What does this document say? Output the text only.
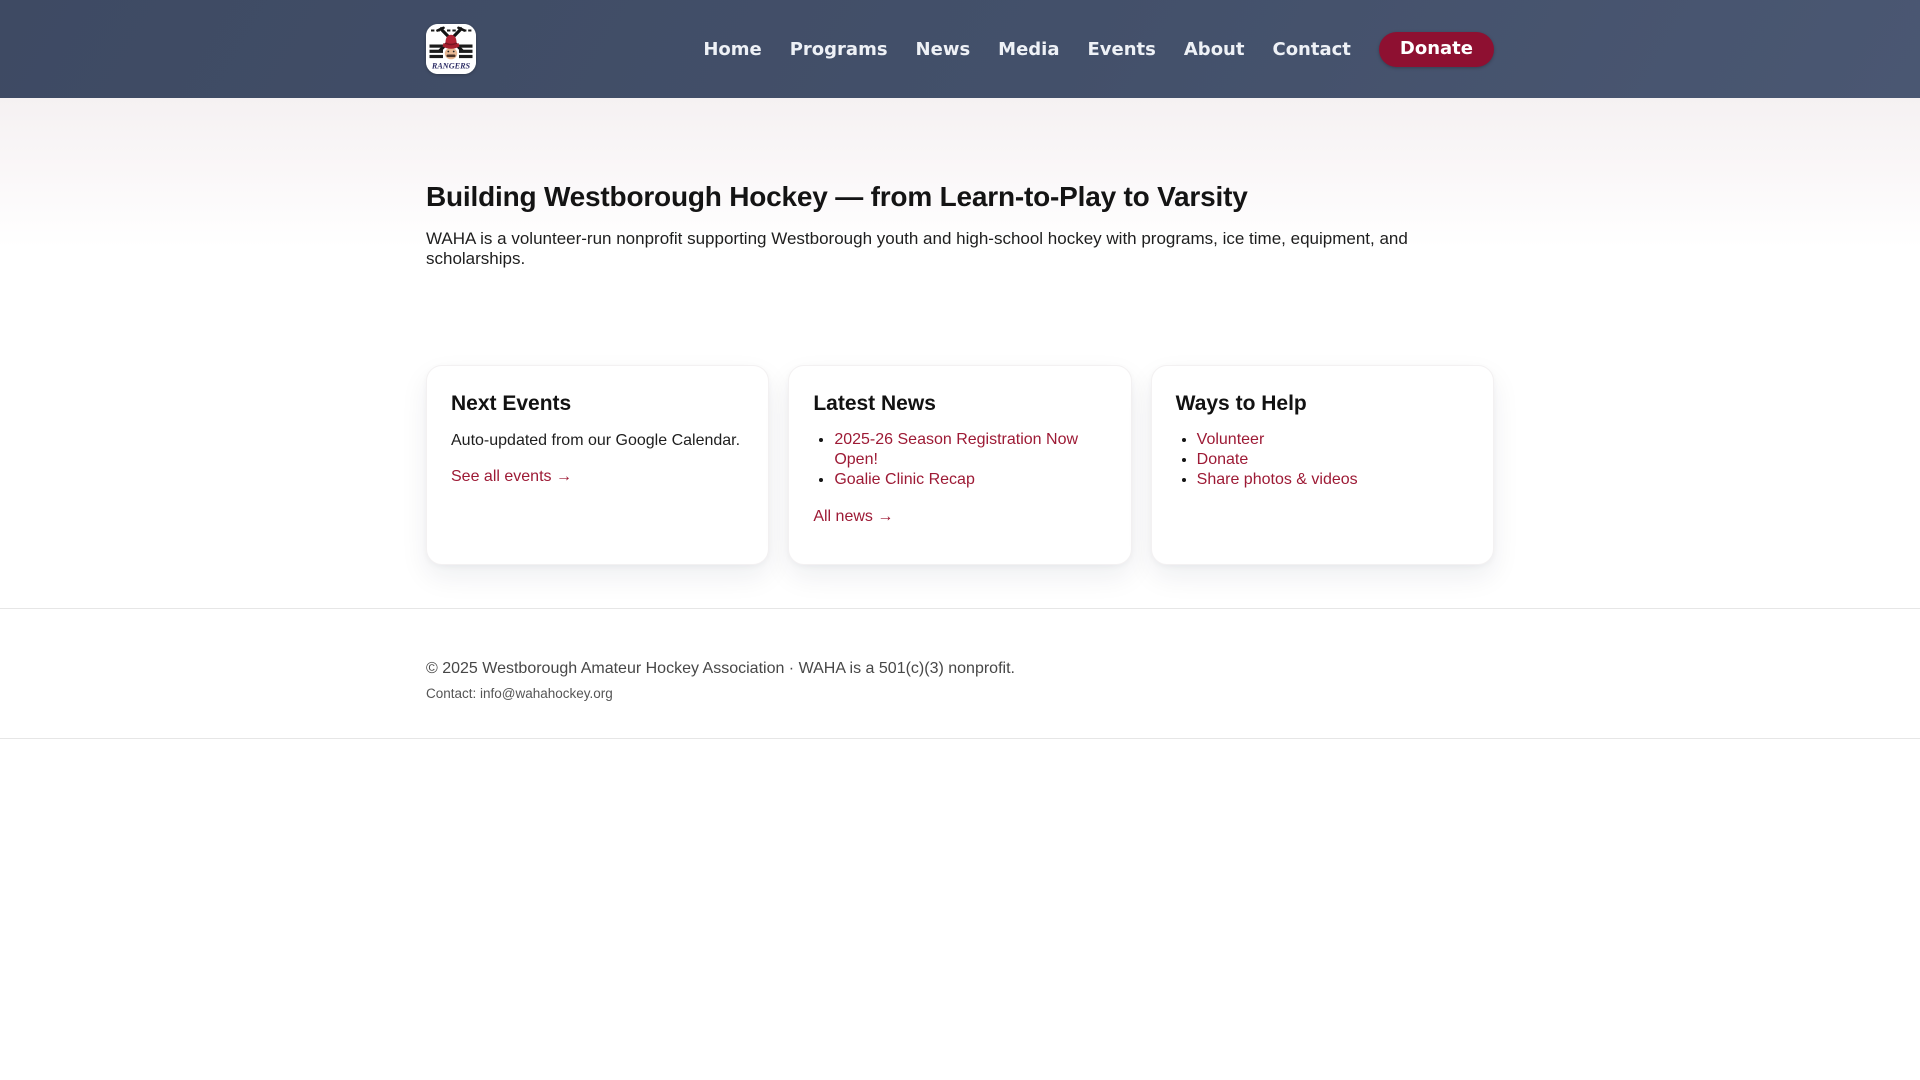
RANGERS
Home Programs News Media Events About Contact	Donate
Building Westborough Hockey — from Learn-to-Play to Varsity

WAHA is a volunteer-run nonprofit supporting Westborough youth and high-school hockey with programs, ice time, equipment, and scholarships.

Next Events

Auto-updated from our Google Calendar.

See all events →
Latest News
• 2025-26 Season Registration Now Open!
• Goalie Clinic Recap
All news →
Ways to Help
• Volunteer
• Donate
• Share photos & videos

© 2025 Westborough Amateur Hockey Association · WAHA is a 501(c)(3) nonprofit.

Contact: info@wahahockey.org
